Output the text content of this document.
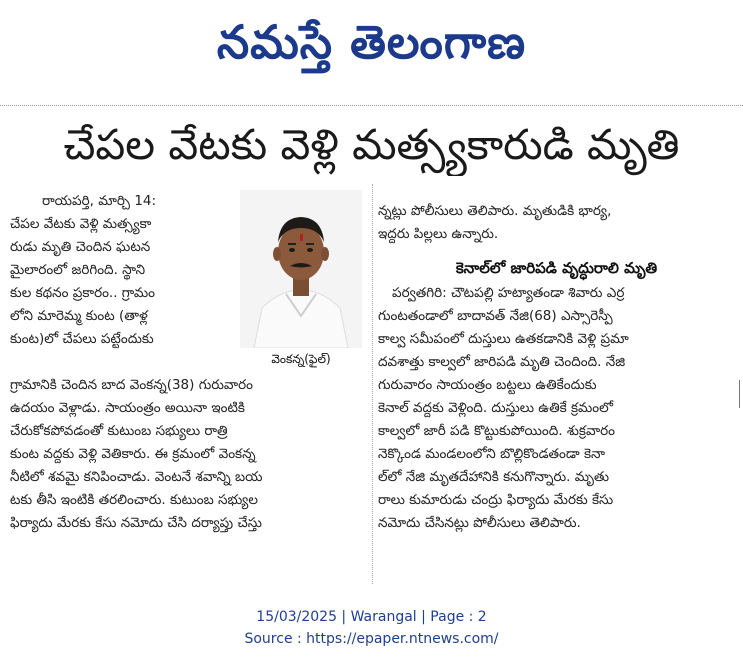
నమస్తే తెలంగాణ
చేపల వేటకు వెళ్లి మత్స్యకారుడి మృతి
వెంకన్న(ఫైల్)
రాయపర్తి, మార్చి 14:
చేపల వేటకు వెళ్లి మత్స్యకా
రుడు మృతి చెందిన ఘటన
మైలారంలో జరిగింది. స్థాని
కుల కథనం ప్రకారం.. గ్రామం
లోని మారెమ్మ కుంట (తాళ్ల
కుంట)లో చేపలు పట్టేందుకు
గ్రామానికి చెందిన బాద వెంకన్న(38) గురువారం
ఉదయం వెళ్లాడు. సాయంత్రం అయినా ఇంటికి
చేరుకోకపోవడంతో కుటుంబ సభ్యులు రాత్రి
కుంట వద్దకు వెళ్లి వెతికారు. ఈ క్రమంలో వెంకన్న
నీటిలో శవమై కనిపించాడు. వెంటనే శవాన్ని బయ
టకు తీసి ఇంటికి తరలించారు. కుటుంబ సభ్యుల
ఫిర్యాదు మేరకు కేసు నమోదు చేసి దర్యాప్తు చేస్తు
న్నట్లు పోలీసులు తెలిపారు. మృతుడికి భార్య,
ఇద్దరు పిల్లలు ఉన్నారు.
కెనాల్‌లో జారిపడి వృద్ధురాలి మృతి
పర్వతగిరి: చౌటపల్లి హట్యాతండా శివారు ఎర్ర
గుంటతండాలో బాదావత్ నేజి(68) ఎస్సారెస్పీ
కాల్వ సమీపంలో దుస్తులు ఉతకడానికి వెళ్లి ప్రమా
దవశాత్తు కాల్వలో జారిపడి మృతి చెందింది. నేజి
గురువారం సాయంత్రం బట్టలు ఉతికేందుకు
కెనాల్ వద్దకు వెళ్లింది. దుస్తులు ఉతికే క్రమంలో
కాల్వలో జారీ పడి కొట్టుకుపోయింది. శుక్రవారం
నెక్కొండ మండలంలోని బొల్లికొండతండా కెనా
ల్‌లో నేజి మృతదేహానికి కనుగొన్నారు. మృతు
రాలు కుమారుడు చంద్రు ఫిర్యాదు మేరకు కేసు
నమోదు చేసినట్లు పోలీసులు తెలిపారు.
15/03/2025 | Warangal | Page : 2
Source : https://epaper.ntnews.com/
